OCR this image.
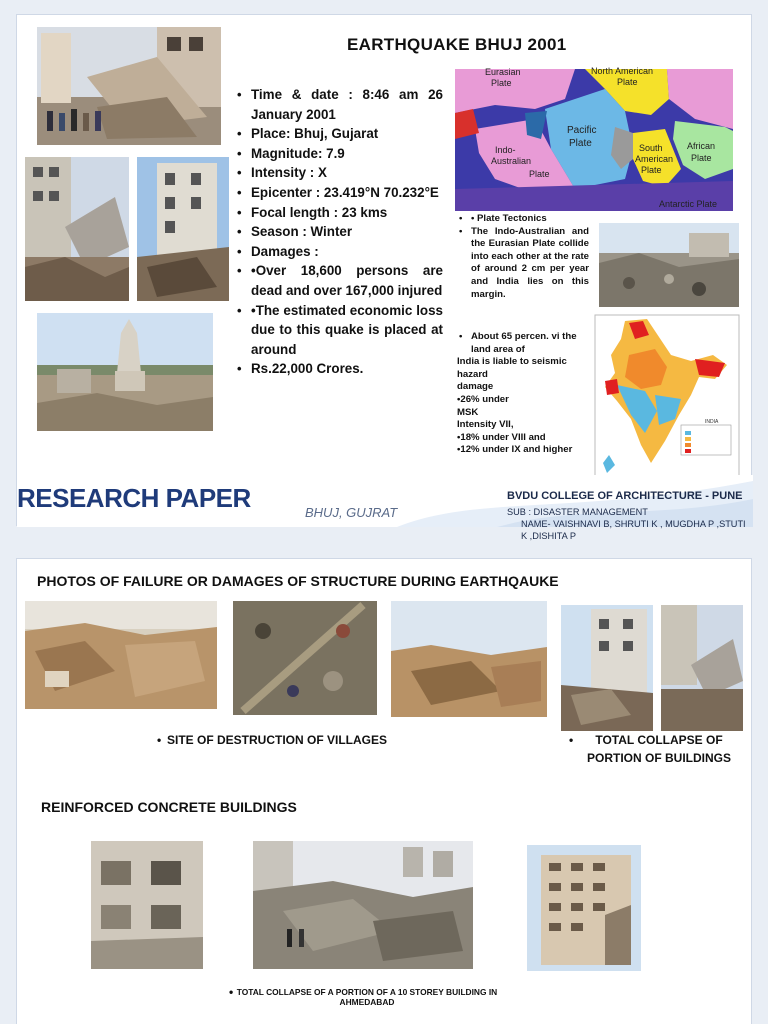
EARTHQUAKE BHUJ 2001
• Time & date : 8:46 am 26 January 2001
• Place: Bhuj, Gujarat
• Magnitude: 7.9
• Intensity : X
• Epicenter : 23.419°N 70.232°E
• Focal length : 23 kms
• Season : Winter
• Damages :
• •Over 18,600 persons are dead and over 167,000 injured
• •The estimated economic loss due to this quake is placed at around
• Rs.22,000 Crores.
Eurasian
Plate
North American
Plate
Pacific
Plate
Indo-
Australian
Plate
South
American
Plate
African
Plate
Antarctic Plate
• • Plate Tectonics
• The Indo-Australian and the Eurasian Plate collide into each other at the rate of around 2 cm per year and India lies on this margin.
• About 65 percen. vi the land area of
India is liable to seismic
hazard
damage
•26% under
MSK
Intensity VII,
•18% under VIII and
•12% under IX and higher
INDIA
RESEARCH PAPER	BHUJ, GUJRAT
BVDU COLLEGE OF ARCHITECTURE - PUNE
SUB : DISASTER MANAGEMENT
NAME- VAISHNAVI B, SHRUTI K , MUGDHA P ,STUTI K ,DISHITA P
PHOTOS OF FAILURE OR DAMAGES OF STRUCTURE DURING EARTHQAUKE
• SITE OF DESTRUCTION OF VILLAGES	• TOTAL COLLAPSE OF PORTION OF BUILDINGS
REINFORCED CONCRETE BUILDINGS
• TOTAL COLLAPSE OF A PORTION OF A 10 STOREY BUILDING IN AHMEDABAD
